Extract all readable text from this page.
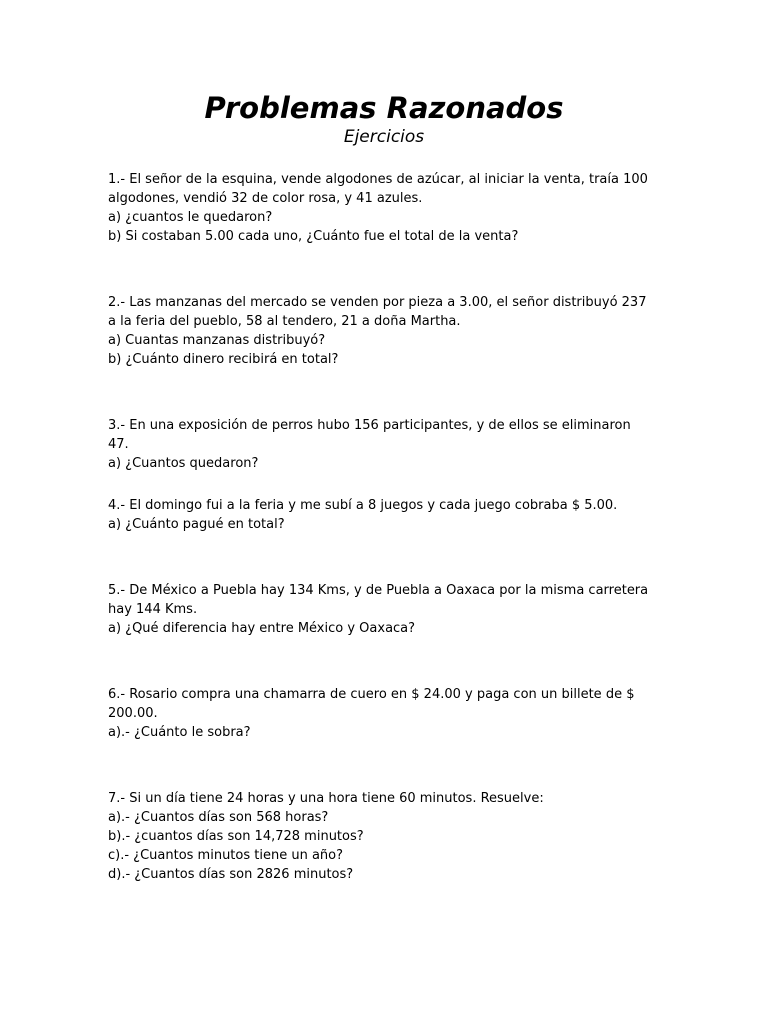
Problemas Razonados
Ejercicios
1.- El señor de la esquina, vende algodones de azúcar, al iniciar la venta, traía 100
algodones, vendió 32 de color rosa, y 41 azules.
a) ¿cuantos le quedaron?
b) Si costaban 5.00 cada uno, ¿Cuánto fue el total de la venta?
2.- Las manzanas del mercado se venden por pieza a 3.00, el señor distribuyó 237
a la feria del pueblo, 58 al tendero, 21 a doña Martha.
a) Cuantas manzanas distribuyó?
b) ¿Cuánto dinero recibirá en total?
3.- En una exposición de perros hubo 156 participantes, y de ellos se eliminaron
47.
a) ¿Cuantos quedaron?
4.- El domingo fui a la feria y me subí a 8 juegos y cada juego cobraba $ 5.00.
a) ¿Cuánto pagué en total?
5.- De México a Puebla hay 134 Kms, y de Puebla a Oaxaca por la misma carretera
hay 144 Kms.
a) ¿Qué diferencia hay entre México y Oaxaca?
6.- Rosario compra una chamarra de cuero en $ 24.00 y paga con un billete de $
200.00.
a).- ¿Cuánto le sobra?
7.- Si un día tiene 24 horas y una hora tiene 60 minutos. Resuelve:
a).- ¿Cuantos días son 568 horas?
b).- ¿cuantos días son 14,728 minutos?
c).- ¿Cuantos minutos tiene un año?
d).- ¿Cuantos días son 2826 minutos?
